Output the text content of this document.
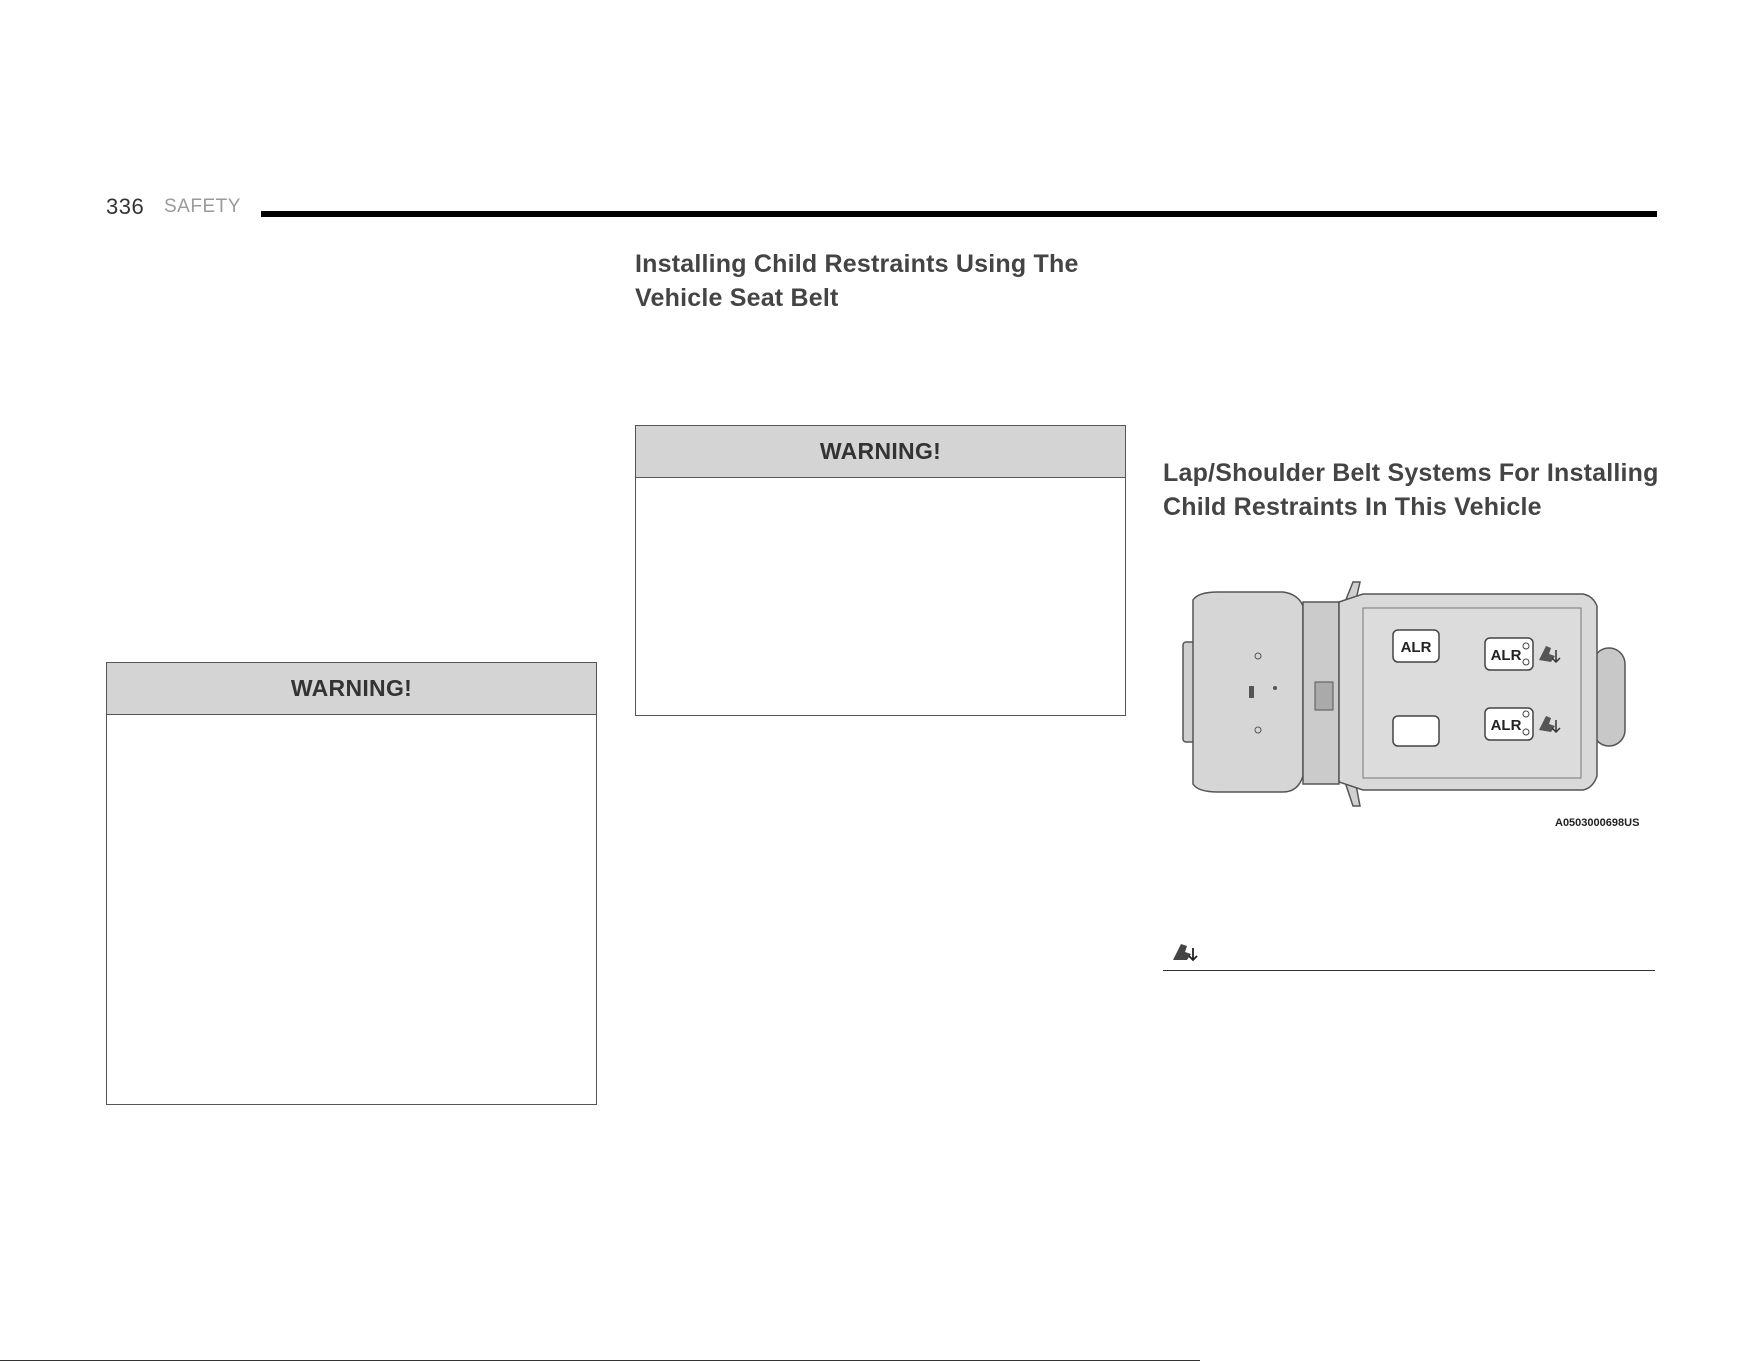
336 SAFETY
Installing Child Restraints Using The Vehicle Seat Belt
WARNING!
WARNING!
Lap/Shoulder Belt Systems For Installing Child Restraints In This Vehicle
ALR	ALR
ALR
A0503000698US
